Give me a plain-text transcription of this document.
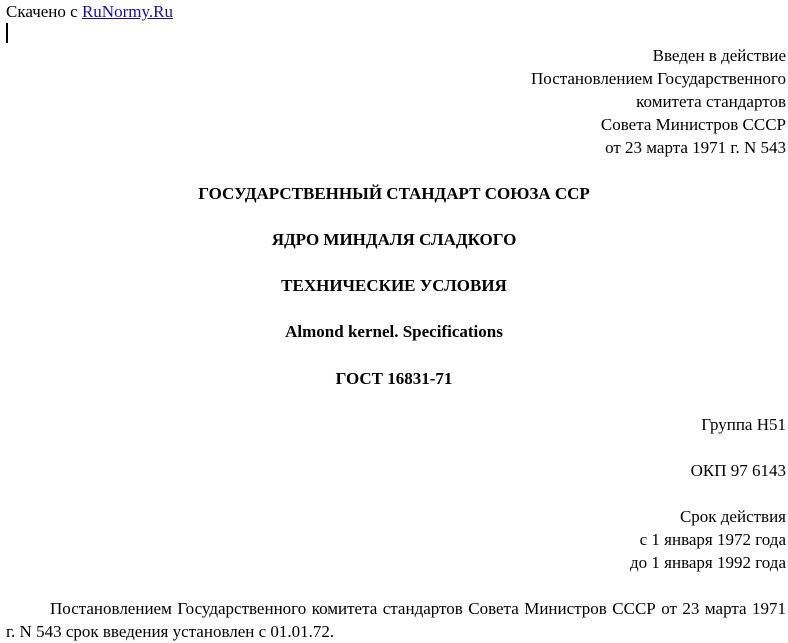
Скачено с RuNormy.Ru
Введен в действие
Постановлением Государственного
комитета стандартов
Совета Министров СССР
от 23 марта 1971 г. N 543
ГОСУДАРСТВЕННЫЙ СТАНДАРТ СОЮЗА ССР
ЯДРО МИНДАЛЯ СЛАДКОГО
ТЕХНИЧЕСКИЕ УСЛОВИЯ
Almond kernel. Specifications
ГОСТ 16831-71
Группа Н51
ОКП 97 6143
Срок действия
с 1 января 1972 года
до 1 января 1992 года
Постановлением Государственного комитета стандартов Совета Министров СССР от 23 марта 1971 г. N 543 срок введения установлен с 01.01.72.
